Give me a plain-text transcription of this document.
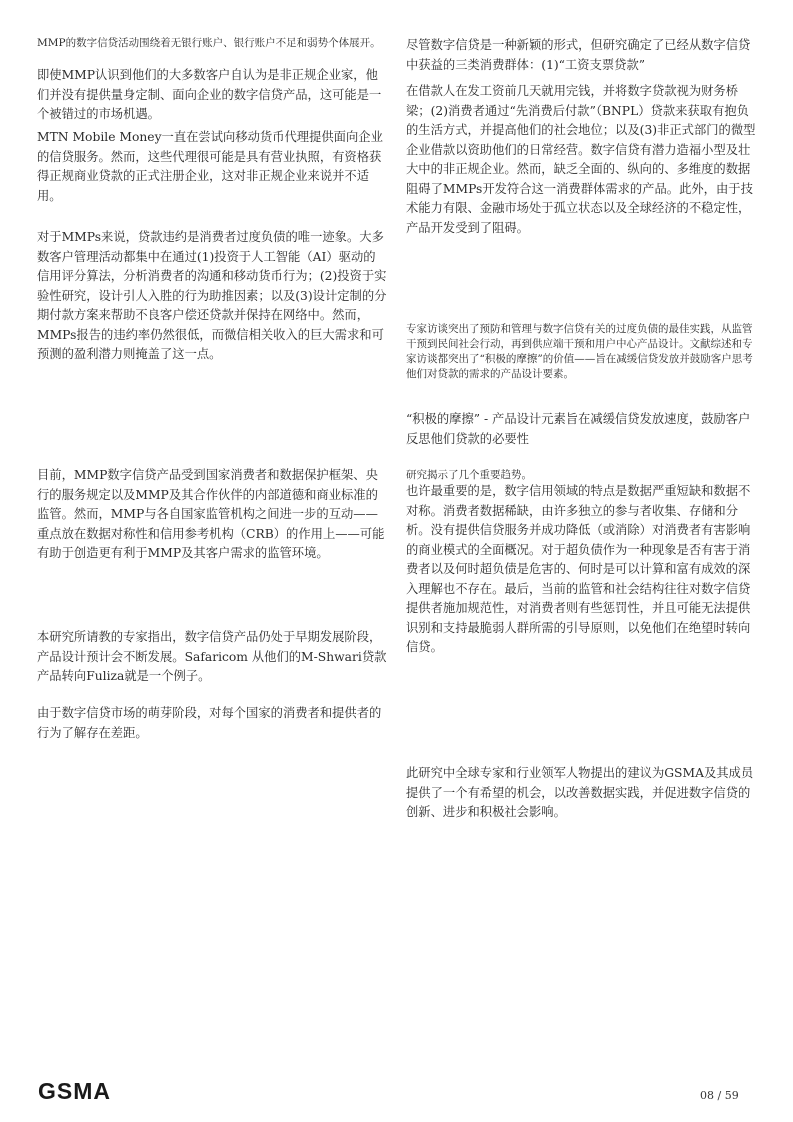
MMP的数字信贷活动围绕着无银行账户、银行账户不足和弱势个体展开。

即使MMP认识到他们的大多数客户自认为是非正规企业家，他们并没有提供量身定制、面向企业的数字信贷产品，这可能是一个被错过的市场机遇。

MTN Mobile Money一直在尝试向移动货币代理提供面向企业的信贷服务。然而，这些代理很可能是具有营业执照，有资格获得正规商业贷款的正式注册企业，这对非正规企业来说并不适用。

对于MMPs来说，贷款违约是消费者过度负债的唯一迹象。大多数客户管理活动都集中在通过(1)投资于人工智能（AI）驱动的信用评分算法，分析消费者的沟通和移动货币行为；(2)投资于实验性研究，设计引人入胜的行为助推因素；以及(3)设计定制的分期付款方案来帮助不良客户偿还贷款并保持在网络中。然而，MMPs报告的违约率仍然很低，而微信相关收入的巨大需求和可预测的盈利潜力则掩盖了这一点。

目前，MMP数字信贷产品受到国家消费者和数据保护框架、央行的服务规定以及MMP及其合作伙伴的内部道德和商业标准的监管。然而，MMP与各自国家监管机构之间进一步的互动——重点放在数据对称性和信用参考机构（CRB）的作用上——可能有助于创造更有利于MMP及其客户需求的监管环境。

本研究所请教的专家指出，数字信贷产品仍处于早期发展阶段，产品设计预计会不断发展。Safaricom 从他们的M-Shwari贷款产品转向Fuliza就是一个例子。

由于数字信贷市场的萌芽阶段，对每个国家的消费者和提供者的行为了解存在差距。

尽管数字信贷是一种新颖的形式，但研究确定了已经从数字信贷中获益的三类消费群体：(1)“工资支票贷款”

在借款人在发工资前几天就用完钱，并将数字贷款视为财务桥梁；(2)消费者通过“先消费后付款”（BNPL）贷款来获取有抱负的生活方式，并提高他们的社会地位；以及(3)非正式部门的微型企业借款以资助他们的日常经营。数字信贷有潜力造福小型及壮大中的非正规企业。然而，缺乏全面的、纵向的、多维度的数据阻碍了MMPs开发符合这一消费群体需求的产品。此外，由于技术能力有限、金融市场处于孤立状态以及全球经济的不稳定性，产品开发受到了阻碍。

专家访谈突出了预防和管理与数字信贷有关的过度负债的最佳实践，从监管干预到民间社会行动，再到供应端干预和用户中心产品设计。文献综述和专家访谈都突出了“积极的摩擦”的价值——旨在减缓信贷发放并鼓励客户思考他们对贷款的需求的产品设计要素。

“积极的摩擦” - 产品设计元素旨在减缓信贷发放速度，鼓励客户反思他们贷款的必要性

研究揭示了几个重要趋势。

也许最重要的是，数字信用领域的特点是数据严重短缺和数据不对称。消费者数据稀缺，由许多独立的参与者收集、存储和分析。没有提供信贷服务并成功降低（或消除）对消费者有害影响的商业模式的全面概况。对于超负债作为一种现象是否有害于消费者以及何时超负债是危害的、何时是可以计算和富有成效的深入理解也不存在。最后，当前的监管和社会结构往往对数字信贷提供者施加规范性，对消费者则有些惩罚性，并且可能无法提供识别和支持最脆弱人群所需的引导原则，以免他们在绝望时转向信贷。

此研究中全球专家和行业领军人物提出的建议为GSMA及其成员提供了一个有希望的机会，以改善数据实践，并促进数字信贷的创新、进步和积极社会影响。

GSMA	08 / 59
